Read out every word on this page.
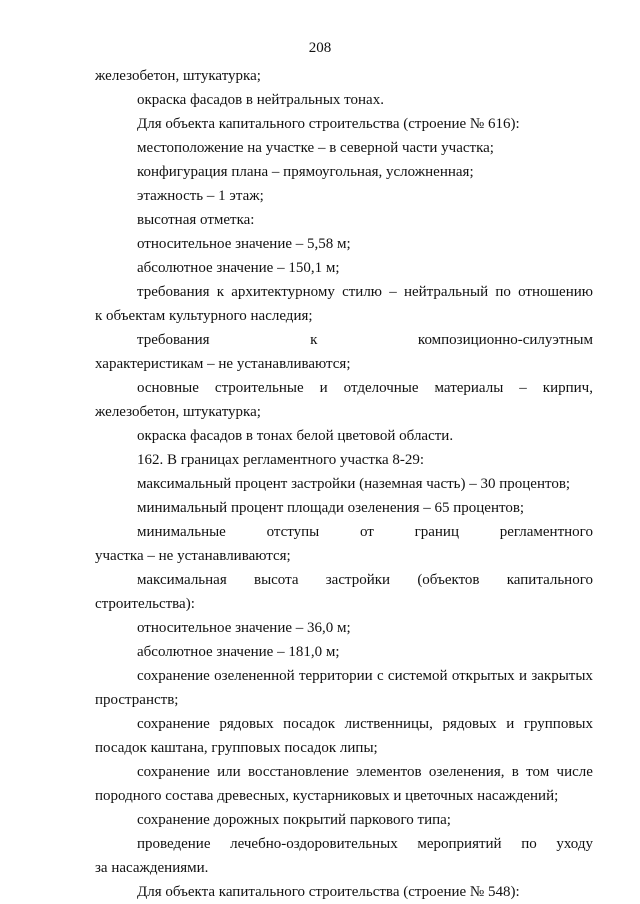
208
железобетон, штукатурка;
окраска фасадов в нейтральных тонах.
Для объекта капитального строительства (строение № 616):
местоположение на участке – в северной части участка;
конфигурация плана – прямоугольная, усложненная;
этажность – 1 этаж;
высотная отметка:
относительное значение – 5,58 м;
абсолютное значение – 150,1 м;
требования к архитектурному стилю – нейтральный по отношению
к объектам культурного наследия;
требования	к	композиционно-силуэтным
характеристикам – не устанавливаются;
основные строительные и отделочные материалы – кирпич,
железобетон, штукатурка;
окраска фасадов в тонах белой цветовой области.
162. В границах регламентного участка 8-29:
максимальный процент застройки (наземная часть) – 30 процентов;
минимальный процент площади озеленения – 65 процентов;
минимальные	отступы	от	границ	регламентного
участка – не устанавливаются;
максимальная высота застройки (объектов капитального
строительства):
относительное значение – 36,0 м;
абсолютное значение – 181,0 м;
сохранение озелененной территории с системой открытых и закрытых
пространств;
сохранение рядовых посадок лиственницы, рядовых и групповых
посадок каштана, групповых посадок липы;
сохранение или восстановление элементов озеленения, в том числе
породного состава древесных, кустарниковых и цветочных насаждений;
сохранение дорожных покрытий паркового типа;
проведение лечебно-оздоровительных мероприятий по уходу
за насаждениями.
Для объекта капитального строительства (строение № 548):
